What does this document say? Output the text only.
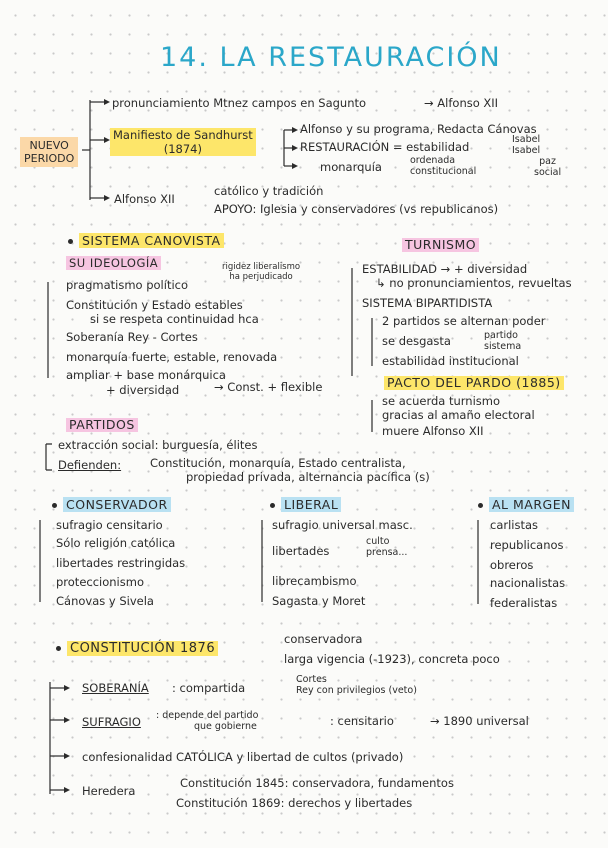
14. LA RESTAURACIÓN
NUEVO
PERIODO
pronunciamiento Mtnez campos en Sagunto	→ Alfonso XII
Manifiesto de Sandhurst
(1874)
Alfonso y su programa, Redacta Cánovas
RESTAURACIÓN = estabilidad
Isabel
Isabel
monarquía	ordenada
constitucional
paz
social
Alfonso XII
católico y tradición
APOYO: Iglesia y conservadores (vs republicanos)
SISTEMA CANOVISTA
SU IDEOLOGÍA	rigidez liberalismo
ha perjudicado
pragmatismo político
Constitución y Estado estables
si se respeta continuidad hca
Soberanía Rey - Cortes
monarquía fuerte, estable, renovada
ampliar + base monárquica
+ diversidad	→ Const. + flexible
TURNISMO
ESTABILIDAD → + diversidad
↳ no pronunciamientos, revueltas
SISTEMA BIPARTIDISTA
2 partidos se alternan poder
se desgasta	partido
sistema
estabilidad institucional
PACTO DEL PARDO (1885)
se acuerda turnismo
gracias al amaño electoral
muere Alfonso XII
PARTIDOS
extracción social: burguesía, élites
Defienden:	Constitución, monarquía, Estado centralista,
propiedad privada, alternancia pacífica (s)
CONSERVADOR
sufragio censitario
Sólo religión católica
libertades restringidas
proteccionismo
Cánovas y Sivela
LIBERAL
sufragio universal masc.
libertades
culto
prensa...
librecambismo
Sagasta y Moret
AL MARGEN
carlistas
republicanos
obreros
nacionalistas
federalistas
CONSTITUCIÓN 1876
conservadora
larga vigencia (-1923), concreta poco
SOBERANÍA : compartida
Cortes
Rey con privilegios (veto)
SUFRAGIO : depende del partido
que gobierne	: censitario	→ 1890 universal
confesionalidad CATÓLICA y libertad de cultos (privado)
Heredera
Constitución 1845: conservadora, fundamentos
Constitución 1869: derechos y libertades
